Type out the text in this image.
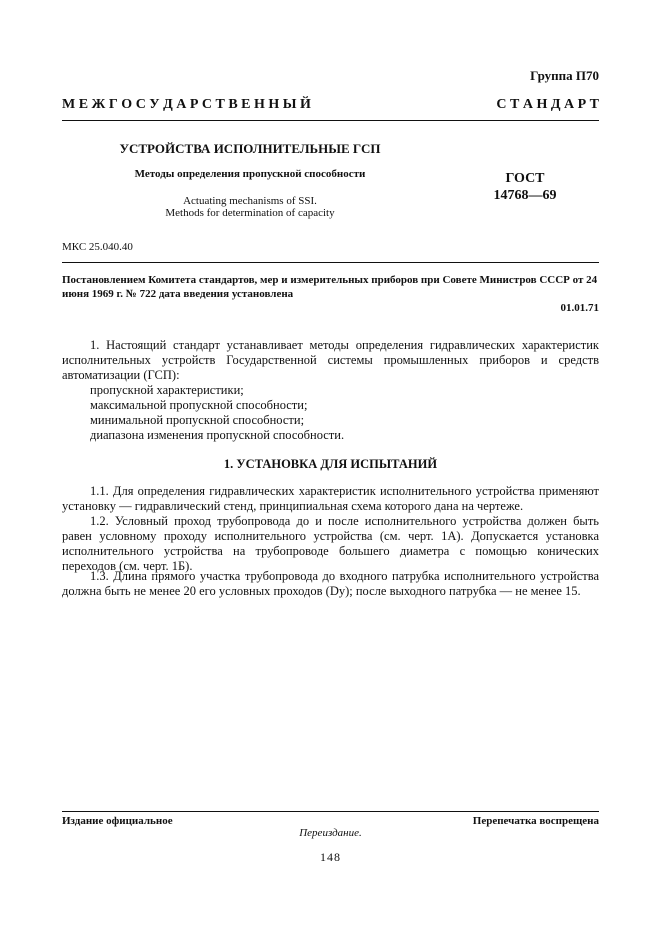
Группа П70
М Е Ж Г О С У Д А Р С Т В Е Н Н Ы Й	С Т А Н Д А Р Т
УСТРОЙСТВА ИСПОЛНИТЕЛЬНЫЕ ГСП
Методы определения пропускной способности
Actuating mechanisms of SSI.
Methods for determination of capacity
ГОСТ
14768—69
МКС 25.040.40
Постановлением Комитета стандартов, мер и измерительных приборов при Совете Министров СССР от 24 июня 1969 г. № 722 дата введения установлена
01.01.71
1. Настоящий стандарт устанавливает методы определения гидравлических характеристик исполнительных устройств Государственной системы промышленных приборов и средств автоматизации (ГСП):
пропускной характеристики;
максимальной пропускной способности;
минимальной пропускной способности;
диапазона изменения пропускной способности.
1. УСТАНОВКА ДЛЯ ИСПЫТАНИЙ
1.1. Для определения гидравлических характеристик исполнительного устройства применяют установку — гидравлический стенд, принципиальная схема которого дана на чертеже.
1.2. Условный проход трубопровода до и после исполнительного устройства должен быть равен условному проходу исполнительного устройства (см. черт. 1А). Допускается установка исполнительного устройства на трубопроводе большего диаметра с помощью конических переходов (см. черт. 1Б).
1.3. Длина прямого участка трубопровода до входного патрубка исполнительного устройства должна быть не менее 20 его условных проходов (Dу); после выходного патрубка — не менее 15.
Издание официальное	Перепечатка воспрещена
Переиздание.
148
